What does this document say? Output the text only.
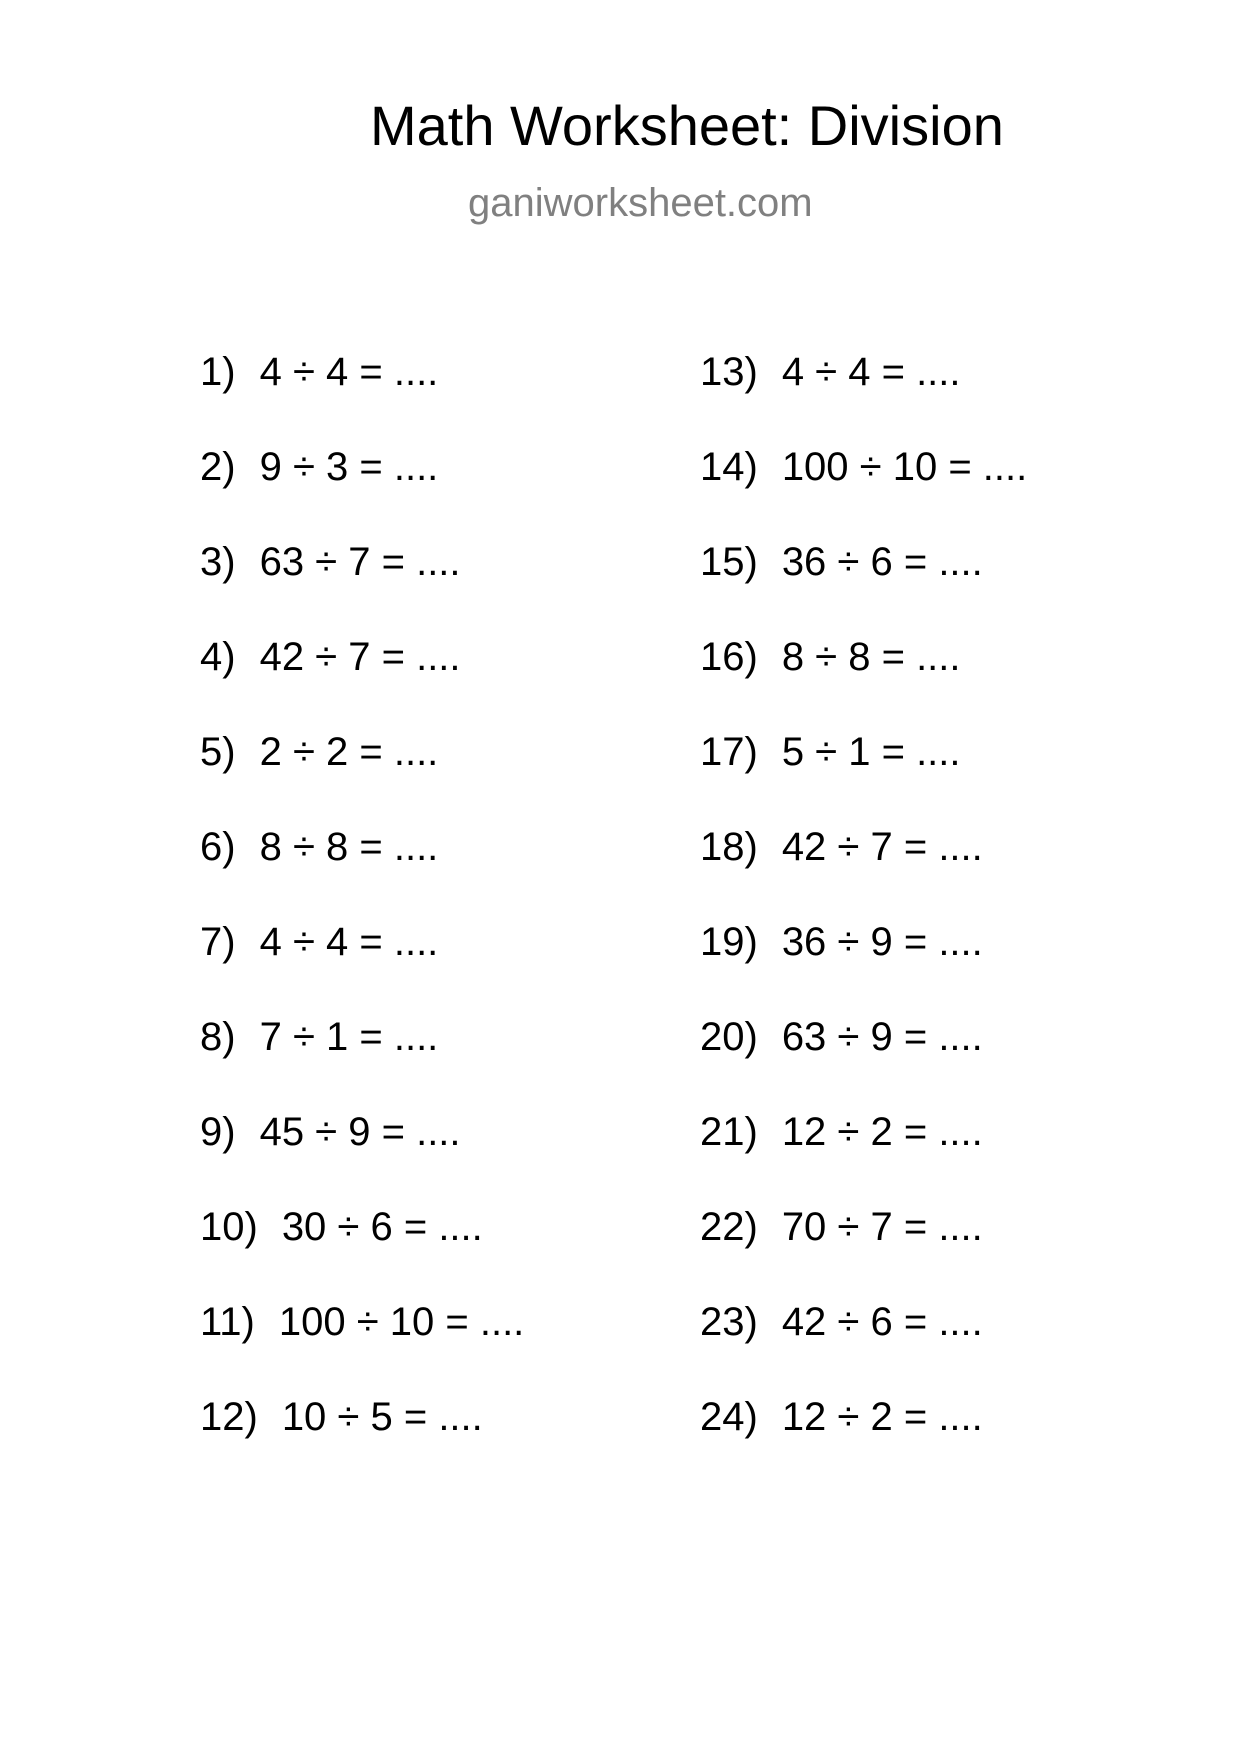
Math Worksheet: Division
ganiworksheet.com
1) 4 ÷ 4 = ....
2) 9 ÷ 3 = ....
3) 63 ÷ 7 = ....
4) 42 ÷ 7 = ....
5) 2 ÷ 2 = ....
6) 8 ÷ 8 = ....
7) 4 ÷ 4 = ....
8) 7 ÷ 1 = ....
9) 45 ÷ 9 = ....
10) 30 ÷ 6 = ....
11) 100 ÷ 10 = ....
12) 10 ÷ 5 = ....
13) 4 ÷ 4 = ....
14) 100 ÷ 10 = ....
15) 36 ÷ 6 = ....
16) 8 ÷ 8 = ....
17) 5 ÷ 1 = ....
18) 42 ÷ 7 = ....
19) 36 ÷ 9 = ....
20) 63 ÷ 9 = ....
21) 12 ÷ 2 = ....
22) 70 ÷ 7 = ....
23) 42 ÷ 6 = ....
24) 12 ÷ 2 = ....
